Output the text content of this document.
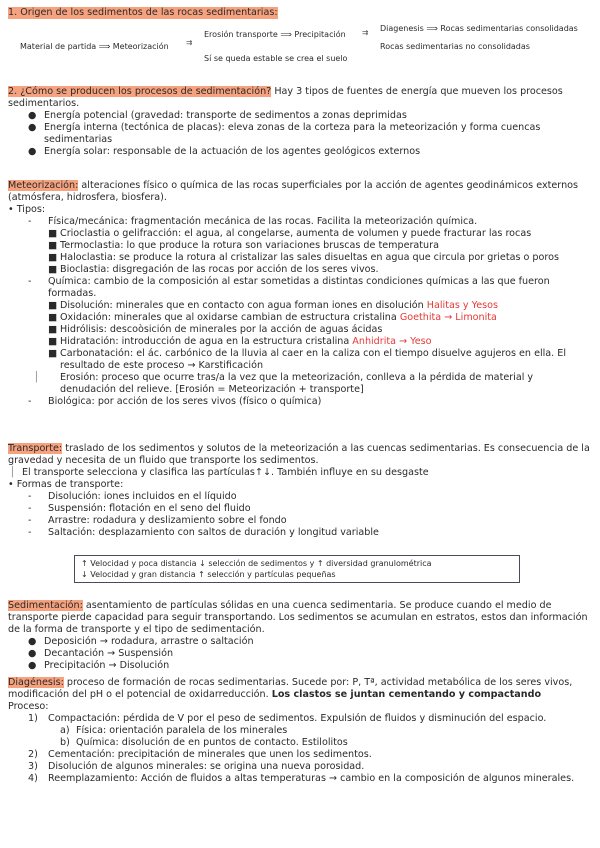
1. Origen de los sedimentos de las rocas sedimentarias:
Material de partida ⟹ Meteorización ⇉
Erosión transporte ⟹ Precipitación
Sí se queda estable se crea el suelo
⇉ Diagenesis ⟹ Rocas sedimentarias consolidadas
Rocas sedimentarias no consolidadas

2. ¿Cómo se producen los procesos de sedimentación? Hay 3 tipos de fuentes de energía que mueven los procesos sedimentarios.

● Energía potencial (gravedad: transporte de sedimentos a zonas deprimidas
● Energía interna (tectónica de placas): eleva zonas de la corteza para la meteorización y forma cuencas sedimentarias
● Energía solar: responsable de la actuación de los agentes geológicos externos

Meteorización: alteraciones físico o química de las rocas superficiales por la acción de agentes geodinámicos externos (atmósfera, hidrosfera, biosfera).

• Tipos:
- Física/mecánica: fragmentación mecánica de las rocas. Facilita la meteorización química.
■ Crioclastia o gelifracción: el agua, al congelarse, aumenta de volumen y puede fracturar las rocas
■ Termoclastia: lo que produce la rotura son variaciones bruscas de temperatura
■ Haloclastia: se produce la rotura al cristalizar las sales disueltas en agua que circula por grietas o poros
■ Bioclastia: disgregación de las rocas por acción de los seres vivos.
- Química: cambio de la composición al estar sometidas a distintas condiciones químicas a las que fueron formadas.
■ Disolución: minerales que en contacto con agua forman iones en disolución Halitas y Yesos
■ Oxidación: minerales que al oxidarse cambian de estructura cristalina Goethita → Limonita
■ Hidrólisis: descoòsición de minerales por la acción de aguas ácidas
■ Hidratación: introducción de agua en la estructura cristalina Anhidrita → Yeso
■ Carbonatación: el ác. carbónico de la lluvia al caer en la caliza con el tiempo disuelve agujeros en ella. El resultado de este proceso → Karstificación
▏ Erosión: proceso que ocurre tras/a la vez que la meteorización, conlleva a la pérdida de material y denudación del relieve. [Erosión = Meteorización + transporte]
- Biológica: por acción de los seres vivos (físico o química)

Transporte: traslado de los sedimentos y solutos de la meteorización a las cuencas sedimentarias. Es consecuencia de la gravedad y necesita de un fluido que transporte los sedimentos.

▏ El transporte selecciona y clasifica las partículas↑↓. También influye en su desgaste
• Formas de transporte:
- Disolución: iones incluidos en el líquido
- Suspensión: flotación en el seno del fluido
- Arrastre: rodadura y deslizamiento sobre el fondo
- Saltación: desplazamiento con saltos de duración y longitud variable
↑ Velocidad y poca distancia ↓ selección de sedimentos y ↑ diversidad granulométrica
↓ Velocidad y gran distancia ↑ selección y partículas pequeñas

Sedimentación: asentamiento de partículas sólidas en una cuenca sedimentaria. Se produce cuando el medio de transporte pierde capacidad para seguir transportando. Los sedimentos se acumulan en estratos, estos dan información de la forma de transporte y el tipo de sedimentación.

● Deposición → rodadura, arrastre o saltación
● Decantación → Suspensión
● Precipitación → Disolución

Diagénesis: proceso de formación de rocas sedimentarias. Sucede por: P, Tª, actividad metabólica de los seres vivos, modificación del pH o el potencial de oxidarreducción. Los clastos se juntan cementando y compactando

Proceso:
1) Compactación: pérdida de V por el peso de sedimentos. Expulsión de fluidos y disminución del espacio.
a) Física: orientación paralela de los minerales
b) Química: disolución de en puntos de contacto. Estilolitos
2) Cementación: precipitación de minerales que unen los sedimentos.
3) Disolución de algunos minerales: se origina una nueva porosidad.
4) Reemplazamiento: Acción de fluidos a altas temperaturas → cambio en la composición de algunos minerales.
